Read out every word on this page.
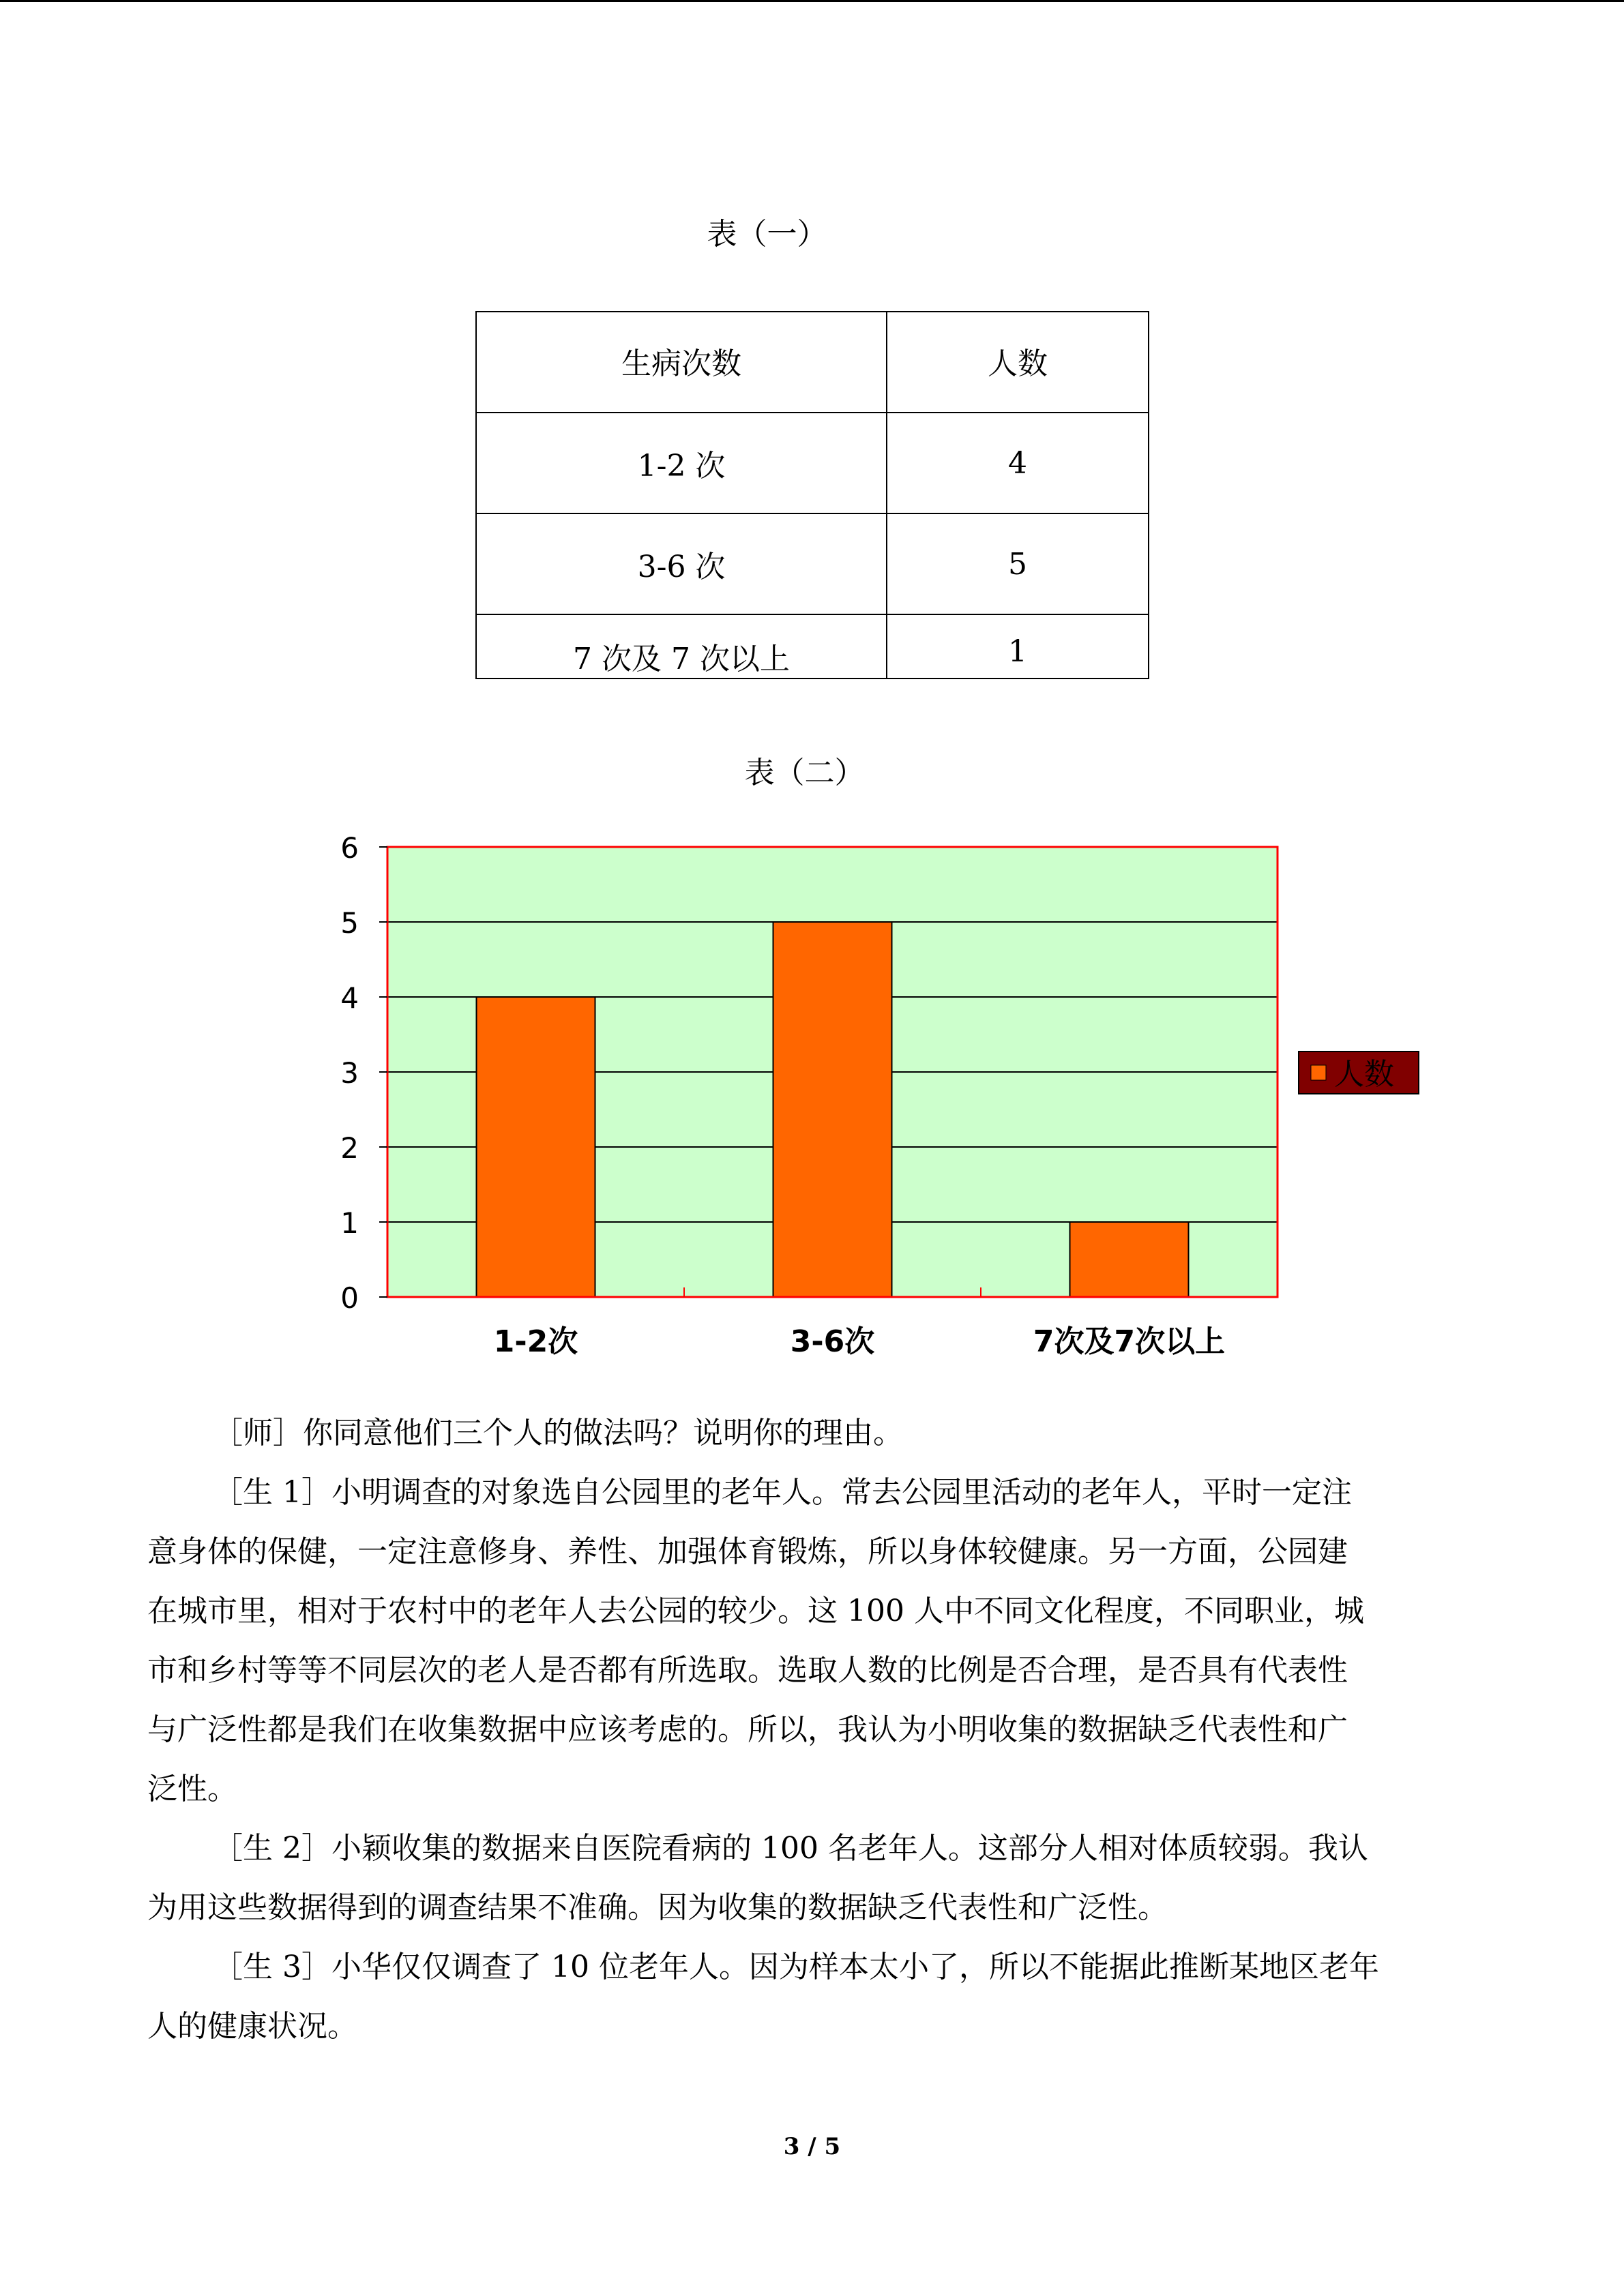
表（一）
生病次数	人数
1-2 次	4
3-6 次	5
7 次及 7 次以上	1
表（二）
0
1
2
3
4
5
6
1-2次	3-6次	7次及7次以上
人数
［师］你同意他们三个人的做法吗？说明你的理由。
［生 1］小明调查的对象选自公园里的老年人。常去公园里活动的老年人，平时一定注
意身体的保健，一定注意修身、养性、加强体育锻炼，所以身体较健康。另一方面，公园建
在城市里，相对于农村中的老年人去公园的较少。这 100 人中不同文化程度，不同职业，城
市和乡村等等不同层次的老人是否都有所选取。选取人数的比例是否合理，是否具有代表性
与广泛性都是我们在收集数据中应该考虑的。所以，我认为小明收集的数据缺乏代表性和广
泛性。
［生 2］小颖收集的数据来自医院看病的 100 名老年人。这部分人相对体质较弱。我认
为用这些数据得到的调查结果不准确。因为收集的数据缺乏代表性和广泛性。
［生 3］小华仅仅调查了 10 位老年人。因为样本太小了，所以不能据此推断某地区老年
人的健康状况。
3 / 5
